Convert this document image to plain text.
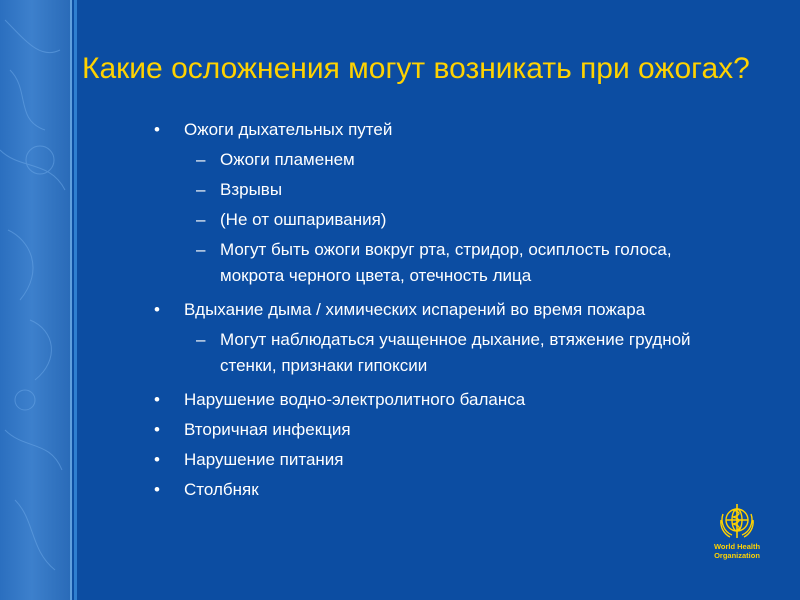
Какие осложнения могут возникать при ожогах?
• Ожоги дыхательных путей
– Ожоги пламенем
– Взрывы
– (Не от ошпаривания)
– Могут быть ожоги вокруг рта, стридор, осиплость голоса, мокрота черного цвета, отечность лица
• Вдыхание дыма / химических испарений во время пожара
– Могут наблюдаться учащенное дыхание, втяжение грудной стенки, признаки гипоксии
• Нарушение водно-электролитного баланса
• Вторичная инфекция
• Нарушение питания
• Столбняк
World Health
Organization
